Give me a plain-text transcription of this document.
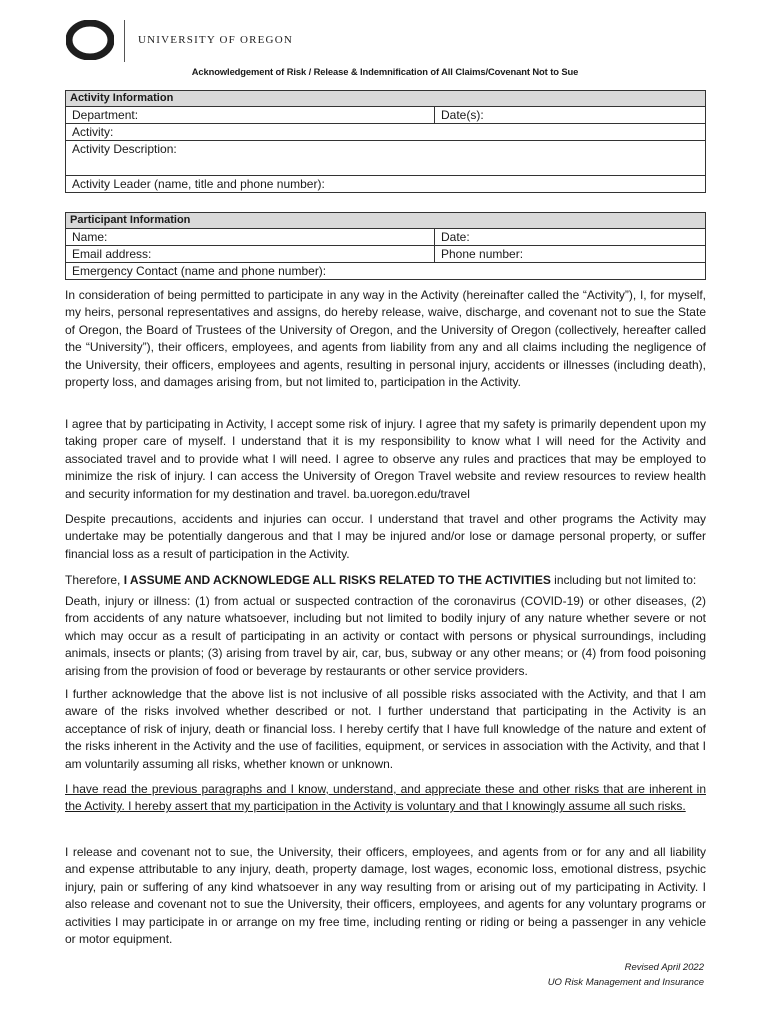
UNIVERSITY OF OREGON
Acknowledgement of Risk / Release & Indemnification of All Claims/Covenant Not to Sue
Activity Information
Department:	Date(s):
Activity:
Activity Description:
Activity Leader (name, title and phone number):
Participant Information	
Name:	Date:
Email address:	Phone number:
Emergency Contact (name and phone number):	

In consideration of being permitted to participate in any way in the Activity (hereinafter called the “Activity”), I, for myself, my heirs, personal representatives and assigns, do hereby release, waive, discharge, and covenant not to sue the State of Oregon, the Board of Trustees of the University of Oregon, and the University of Oregon (collectively, hereafter called the “University”), their officers, employees, and agents from liability from any and all claims including the negligence of the University, their officers, employees and agents, resulting in personal injury, accidents or illnesses (including death), property loss, and damages arising from, but not limited to, participation in the Activity.

I agree that by participating in Activity, I accept some risk of injury. I agree that my safety is primarily dependent upon my taking proper care of myself. I understand that it is my responsibility to know what I will need for the Activity and associated travel and to provide what I will need. I agree to observe any rules and practices that may be employed to minimize the risk of injury. I can access the University of Oregon Travel website and review resources to review health and security information for my destination and travel. ba.uoregon.edu/travel

Despite precautions, accidents and injuries can occur. I understand that travel and other programs the Activity may undertake may be potentially dangerous and that I may be injured and/or lose or damage personal property, or suffer financial loss as a result of participation in the Activity.

Therefore, I ASSUME AND ACKNOWLEDGE ALL RISKS RELATED TO THE ACTIVITIES including but not limited to:

Death, injury or illness: (1) from actual or suspected contraction of the coronavirus (COVID-19) or other diseases, (2) from accidents of any nature whatsoever, including but not limited to bodily injury of any nature whether severe or not which may occur as a result of participating in an activity or contact with persons or physical surroundings, including animals, insects or plants; (3) arising from travel by air, car, bus, subway or any other means; or (4) from food poisoning arising from the provision of food or beverage by restaurants or other service providers.

I further acknowledge that the above list is not inclusive of all possible risks associated with the Activity, and that I am aware of the risks involved whether described or not. I further understand that participating in the Activity is an acceptance of risk of injury, death or financial loss. I hereby certify that I have full knowledge of the nature and extent of the risks inherent in the Activity and the use of facilities, equipment, or services in association with the Activity, and that I am voluntarily assuming all risks, whether known or unknown.

I have read the previous paragraphs and I know, understand, and appreciate these and other risks that are inherent in the Activity. I hereby assert that my participation in the Activity is voluntary and that I knowingly assume all such risks.

I release and covenant not to sue, the University, their officers, employees, and agents from or for any and all liability and expense attributable to any injury, death, property damage, lost wages, economic loss, emotional distress, psychic injury, pain or suffering of any kind whatsoever in any way resulting from or arising out of my participating in Activity. I also release and covenant not to sue the University, their officers, employees, and agents for any voluntary programs or activities I may participate in or arrange on my free time, including renting or riding or being a passenger in any vehicle or motor equipment.

Revised April 2022
UO Risk Management and Insurance
